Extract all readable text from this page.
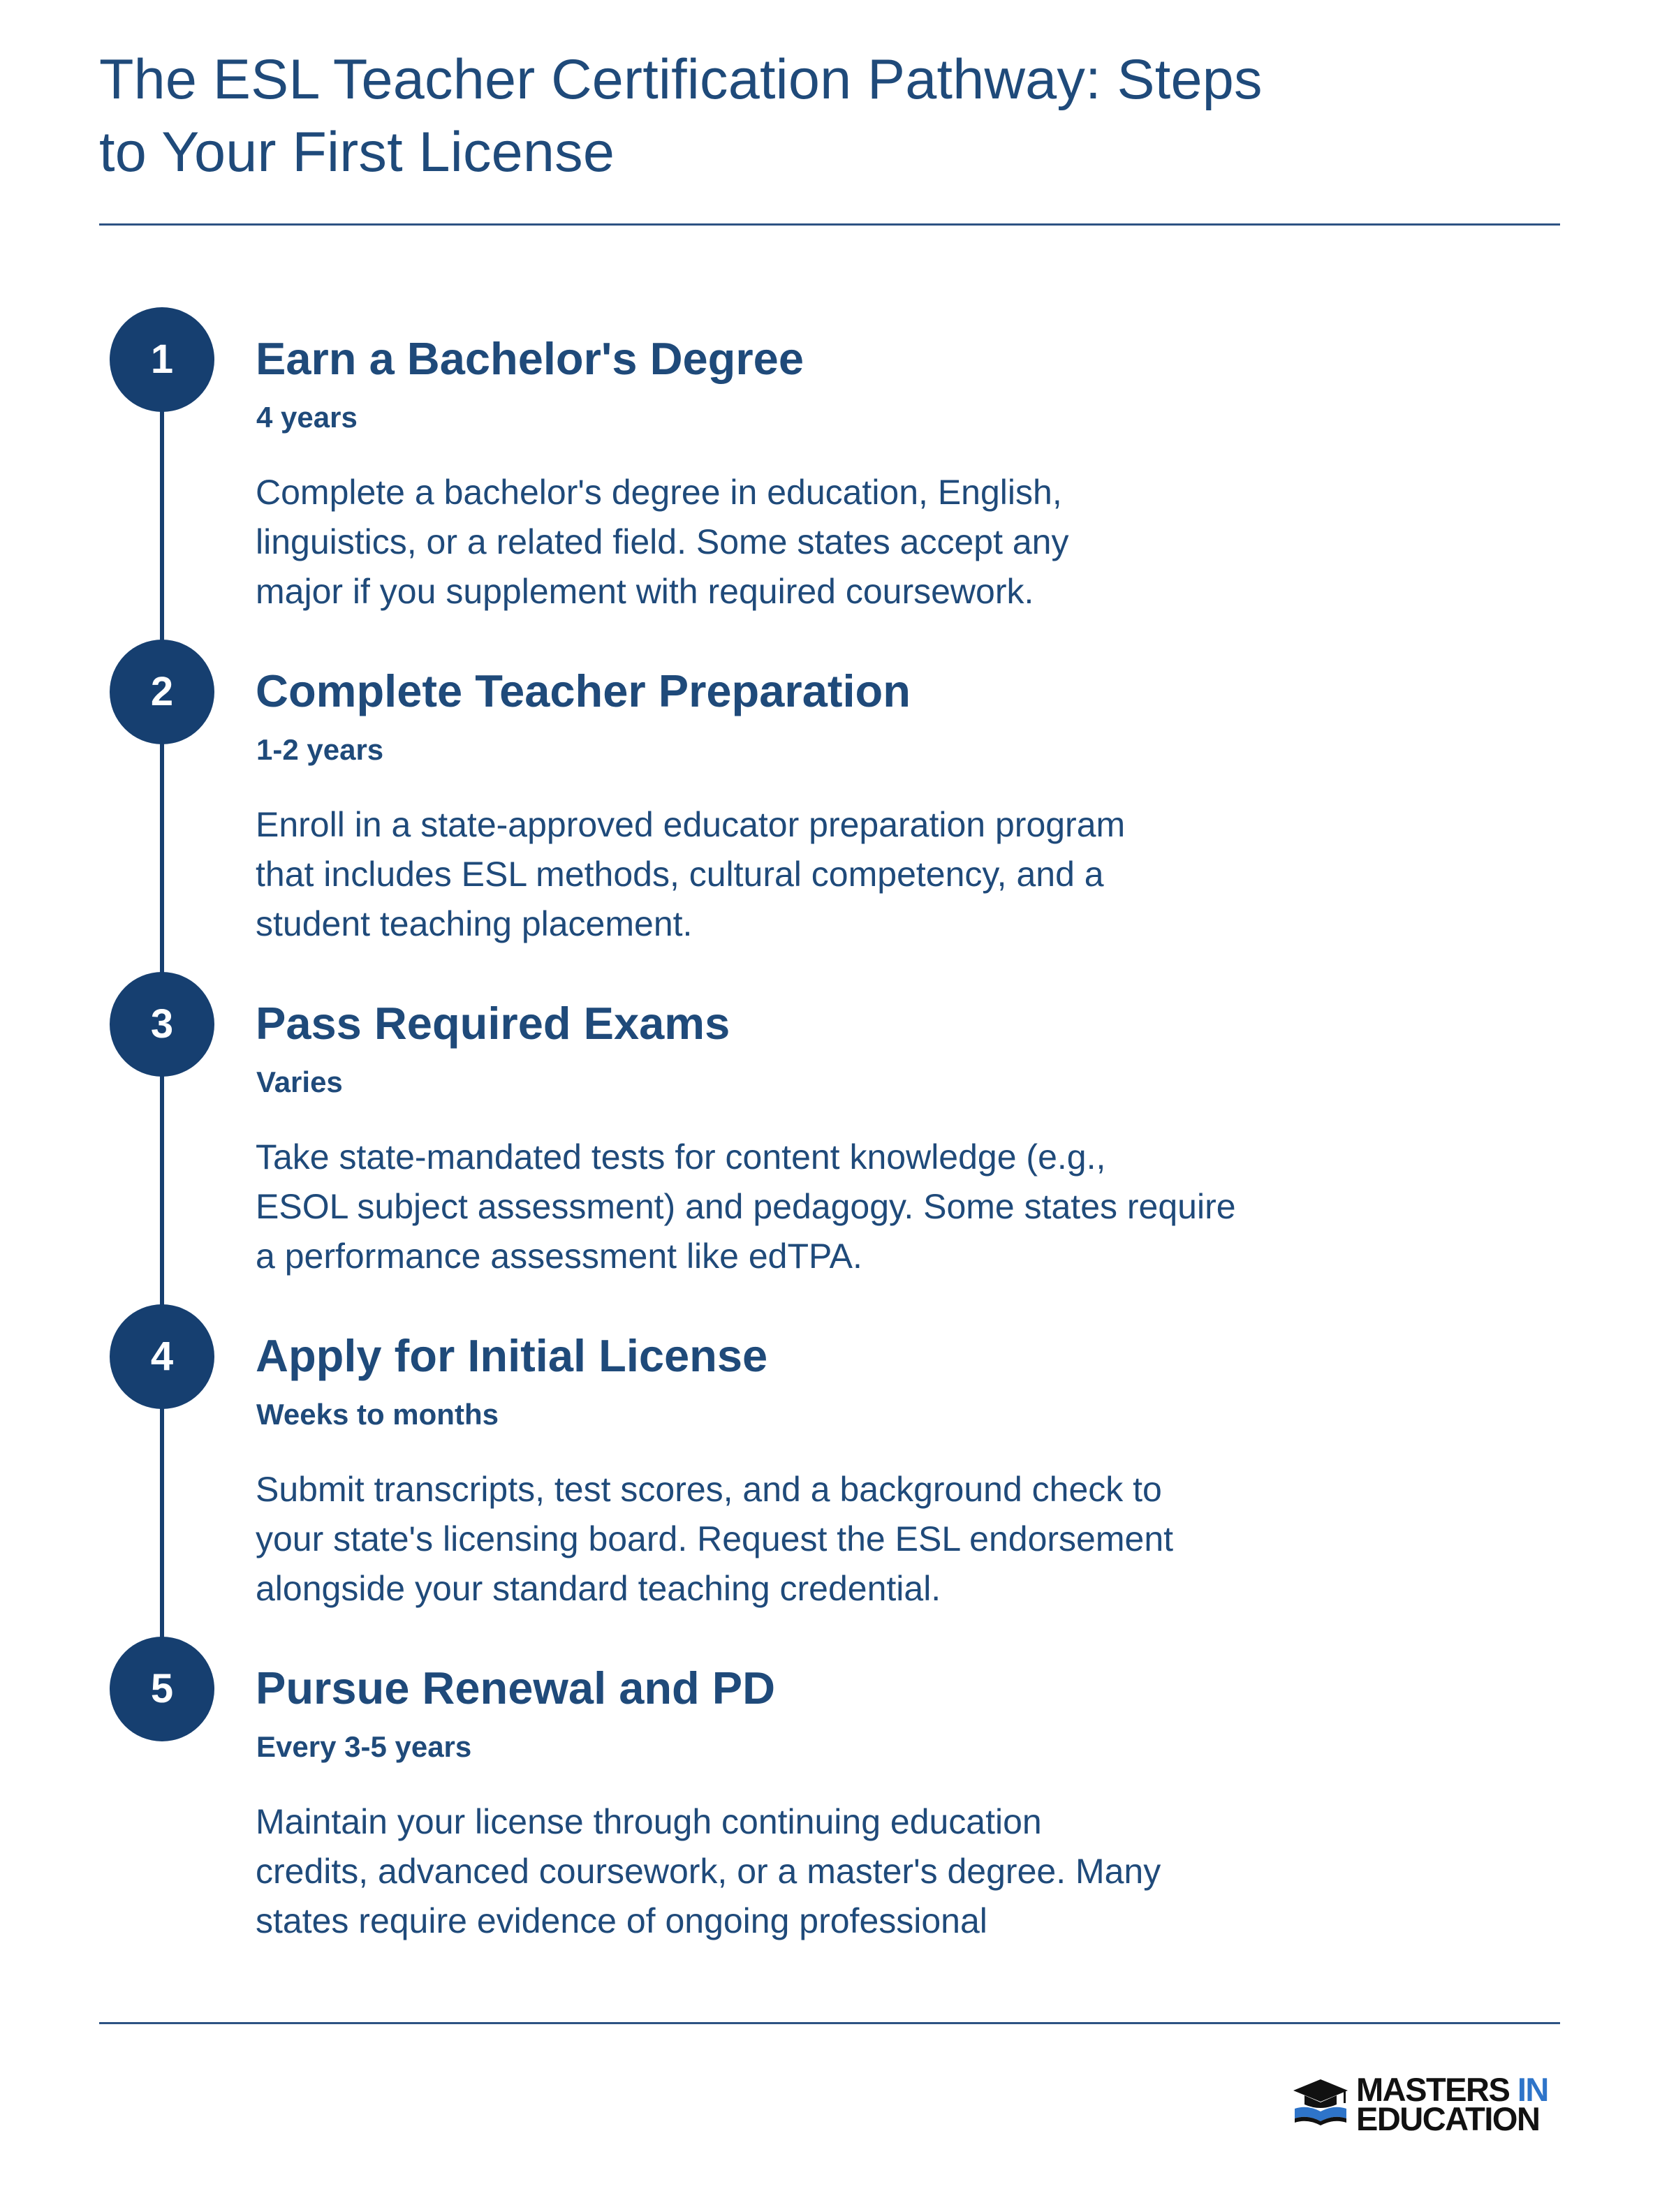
The ESL Teacher Certification Pathway: Steps
to Your First License
1	Earn a Bachelor's Degree
4 years

Complete a bachelor's degree in education, English,
linguistics, or a related field. Some states accept any
major if you supplement with required coursework.

2	Complete Teacher Preparation
1-2 years

Enroll in a state-approved educator preparation program
that includes ESL methods, cultural competency, and a
student teaching placement.

3	Pass Required Exams
Varies

Take state-mandated tests for content knowledge (e.g.,
ESOL subject assessment) and pedagogy. Some states require
a performance assessment like edTPA.

4	Apply for Initial License
Weeks to months

Submit transcripts, test scores, and a background check to
your state's licensing board. Request the ESL endorsement
alongside your standard teaching credential.

5	Pursue Renewal and PD
Every 3-5 years

Maintain your license through continuing education
credits, advanced coursework, or a master's degree. Many
states require evidence of ongoing professional

MASTERS IN
EDUCATION
